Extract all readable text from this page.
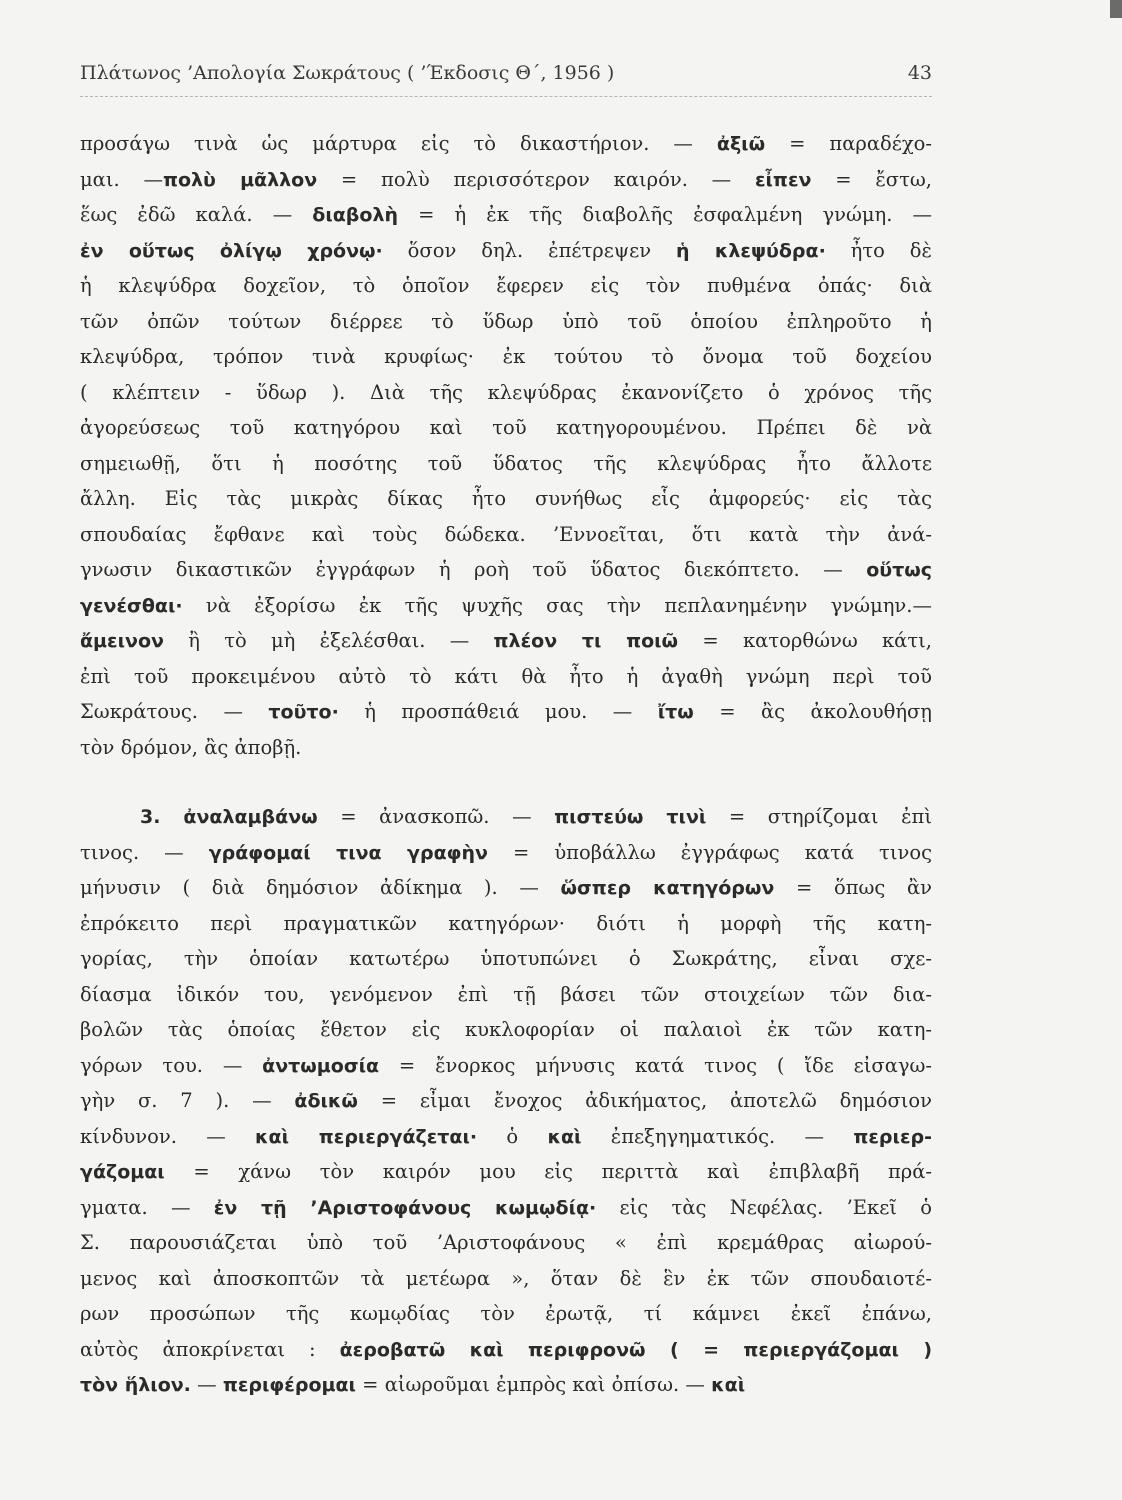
Πλάτωνος ’Απολογία Σωκράτους ( ’Έκδοσις Θ΄, 1956 )	43
προσάγω τινὰ ὡς μάρτυρα εἰς τὸ δικαστήριον. — ἀξιῶ = παραδέχο-
μαι. —πολὺ μᾶλλον = πολὺ περισσότερον καιρόν. — εἶπεν = ἔστω,
ἕως ἐδῶ καλά. — διαβολὴ = ἡ ἐκ τῆς διαβολῆς ἐσφαλμένη γνώμη. —
ἐν οὕτως ὀλίγῳ χρόνῳ· ὅσον δηλ. ἐπέτρεψεν ἡ κλεψύδρα· ἦτο δὲ
ἡ κλεψύδρα δοχεῖον, τὸ ὁποῖον ἔφερεν εἰς τὸν πυθμένα ὀπάς· διὰ
τῶν ὀπῶν τούτων διέρρεε τὸ ὕδωρ ὑπὸ τοῦ ὁποίου ἐπληροῦτο ἡ
κλεψύδρα, τρόπον τινὰ κρυφίως· ἐκ τούτου τὸ ὄνομα τοῦ δοχείου
( κλέπτειν - ὕδωρ ). Διὰ τῆς κλεψύδρας ἐκανονίζετο ὁ χρόνος τῆς
ἀγορεύσεως τοῦ κατηγόρου καὶ τοῦ κατηγορουμένου. Πρέπει δὲ νὰ
σημειωθῇ, ὅτι ἡ ποσότης τοῦ ὕδατος τῆς κλεψύδρας ἦτο ἄλλοτε
ἄλλη. Εἰς τὰς μικρὰς δίκας ἦτο συνήθως εἷς ἀμφορεύς· εἰς τὰς
σπουδαίας ἔφθανε καὶ τοὺς δώδεκα. ’Εννοεῖται, ὅτι κατὰ τὴν ἀνά-
γνωσιν δικαστικῶν ἐγγράφων ἡ ροὴ τοῦ ὕδατος διεκόπτετο. — οὕτως
γενέσθαι· νὰ ἐξορίσω ἐκ τῆς ψυχῆς σας τὴν πεπλανημένην γνώμην.—
ἄμεινον ἢ τὸ μὴ ἐξελέσθαι. — πλέον τι ποιῶ = κατορθώνω κάτι,
ἐπὶ τοῦ προκειμένου αὐτὸ τὸ κάτι θὰ ἦτο ἡ ἀγαθὴ γνώμη περὶ τοῦ
Σωκράτους. — τοῦτο· ἡ προσπάθειά μου. — ἴτω = ἂς ἀκολουθήσῃ
τὸν δρόμον, ἂς ἀποβῇ.
3. ἀναλαμβάνω = ἀνασκοπῶ. — πιστεύω τινὶ = στηρίζομαι ἐπὶ
τινος. — γράφομαί τινα γραφὴν = ὑποβάλλω ἐγγράφως κατά τινος
μήνυσιν ( διὰ δημόσιον ἀδίκημα ). — ὥσπερ κατηγόρων = ὅπως ἂν
ἐπρόκειτο περὶ πραγματικῶν κατηγόρων· διότι ἡ μορφὴ τῆς κατη-
γορίας, τὴν ὁποίαν κατωτέρω ὑποτυπώνει ὁ Σωκράτης, εἶναι σχε-
δίασμα ἰδικόν του, γενόμενον ἐπὶ τῇ βάσει τῶν στοιχείων τῶν δια-
βολῶν τὰς ὁποίας ἔθετον εἰς κυκλοφορίαν οἱ παλαιοὶ ἐκ τῶν κατη-
γόρων του. — ἀντωμοσία = ἔνορκος μήνυσις κατά τινος ( ἴδε εἰσαγω-
γὴν σ. 7 ). — ἀδικῶ = εἶμαι ἔνοχος ἀδικήματος, ἀποτελῶ δημόσιον
κίνδυνον. — καὶ περιεργάζεται· ὁ καὶ ἐπεξηγηματικός. — περιερ-
γάζομαι = χάνω τὸν καιρόν μου εἰς περιττὰ καὶ ἐπιβλαβῆ πρά-
γματα. — ἐν τῇ ’Αριστοφάνους κωμῳδίᾳ· εἰς τὰς Νεφέλας. ’Εκεῖ ὁ
Σ. παρουσιάζεται ὑπὸ τοῦ ’Αριστοφάνους « ἐπὶ κρεμάθρας αἰωρού-
μενος καὶ ἀποσκοπτῶν τὰ μετέωρα », ὅταν δὲ ἓν ἐκ τῶν σπουδαιοτέ-
ρων προσώπων τῆς κωμῳδίας τὸν ἐρωτᾷ, τί κάμνει ἐκεῖ ἐπάνω,
αὐτὸς ἀποκρίνεται : ἀεροβατῶ καὶ περιφρονῶ ( = περιεργάζομαι )
τὸν ἥλιον. — περιφέρομαι = αἰωροῦμαι ἐμπρὸς καὶ ὀπίσω. — καὶ
